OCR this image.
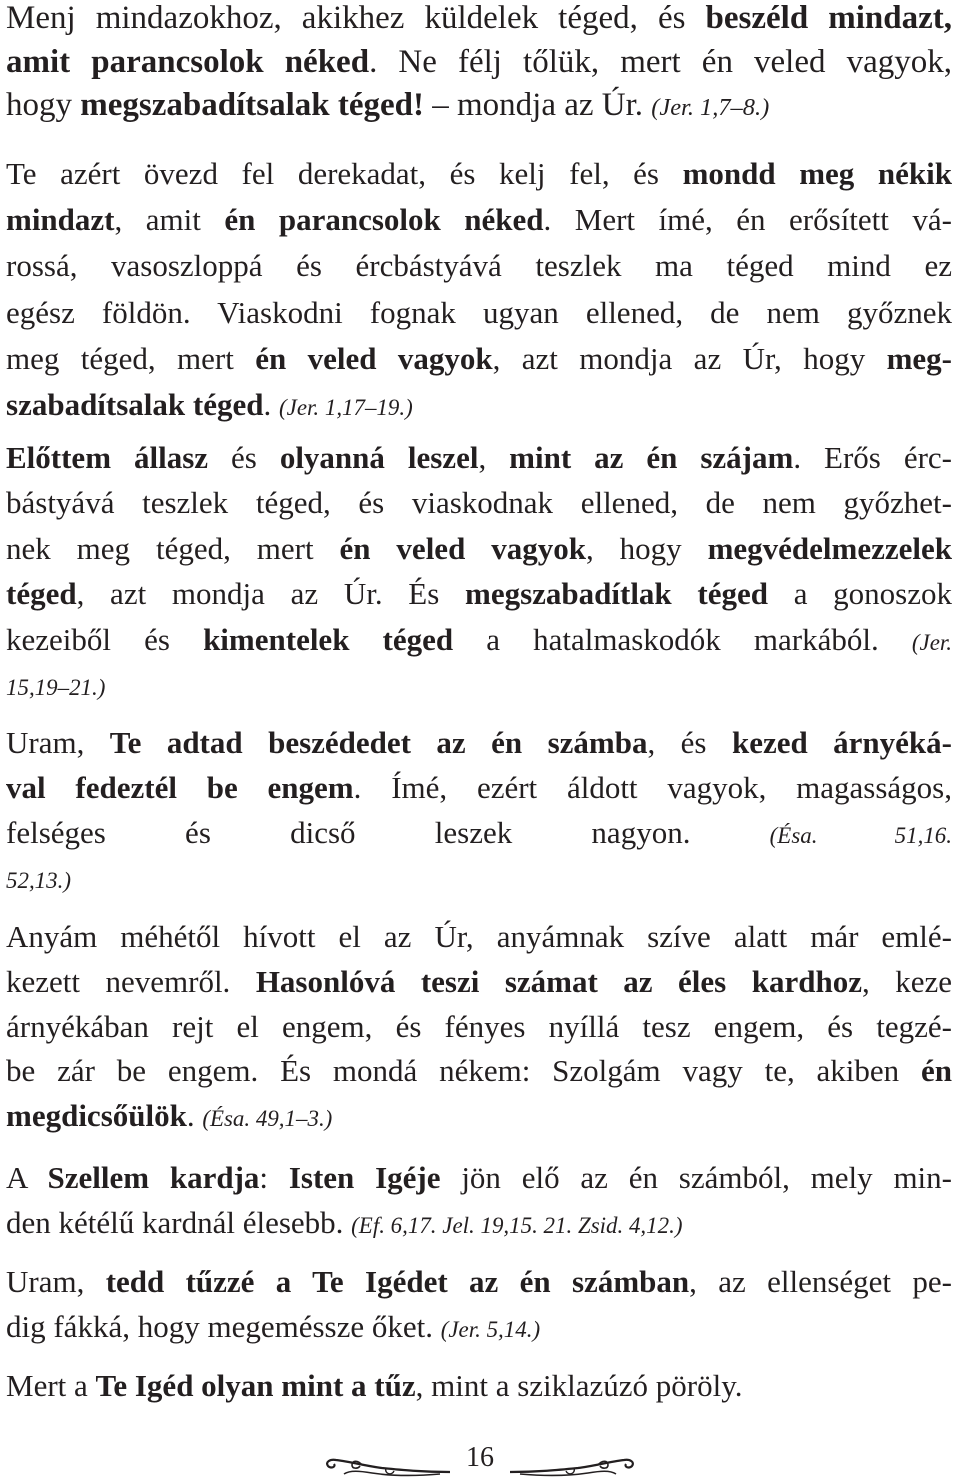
Menj mindazokhoz, akikhez küldelek téged, és beszéld mindazt,

amit parancsolok néked. Ne félj tőlük, mert én veled vagyok,

hogy megszabadítsalak téged! – mondja az Úr. (Jer. 1,7–8.)

Te azért övezd fel derekadat, és kelj fel, és mondd meg nékik

mindazt, amit én parancsolok néked. Mert ímé, én erősített vá-

rossá, vasoszloppá és ércbástyává teszlek ma téged mind ez

egész földön. Viaskodni fognak ugyan ellened, de nem győznek

meg téged, mert én veled vagyok, azt mondja az Úr, hogy meg-

szabadítsalak téged. (Jer. 1,17–19.)

Előttem állasz és olyanná leszel, mint az én szájam. Erős érc-

bástyává teszlek téged, és viaskodnak ellened, de nem győzhet-

nek meg téged, mert én veled vagyok, hogy megvédelmezzelek

téged, azt mondja az Úr. És megszabadítlak téged a gonoszok

kezeiből és kimentelek téged a hatalmaskodók markából. (Jer.

15,19–21.)

Uram, Te adtad beszédedet az én számba, és kezed árnyéká-

val fedeztél be engem. Ímé, ezért áldott vagyok, magasságos,

felséges és dicső leszek nagyon. (Ésa. 51,16.

52,13.)

Anyám méhétől hívott el az Úr, anyámnak szíve alatt már emlé-

kezett nevemről. Hasonlóvá teszi számat az éles kardhoz, keze

árnyékában rejt el engem, és fényes nyíllá tesz engem, és tegzé-

be zár be engem. És mondá nékem: Szolgám vagy te, akiben én

megdicsőülök. (Ésa. 49,1–3.)

A Szellem kardja: Isten Igéje jön elő az én számból, mely min-

den kétélű kardnál élesebb. (Ef. 6,17. Jel. 19,15. 21. Zsid. 4,12.)

Uram, tedd tűzzé a Te Igédet az én számban, az ellenséget pe-

dig fákká, hogy megeméssze őket. (Jer. 5,14.)

Mert a Te Igéd olyan mint a tűz, mint a sziklazúzó pöröly.

16
